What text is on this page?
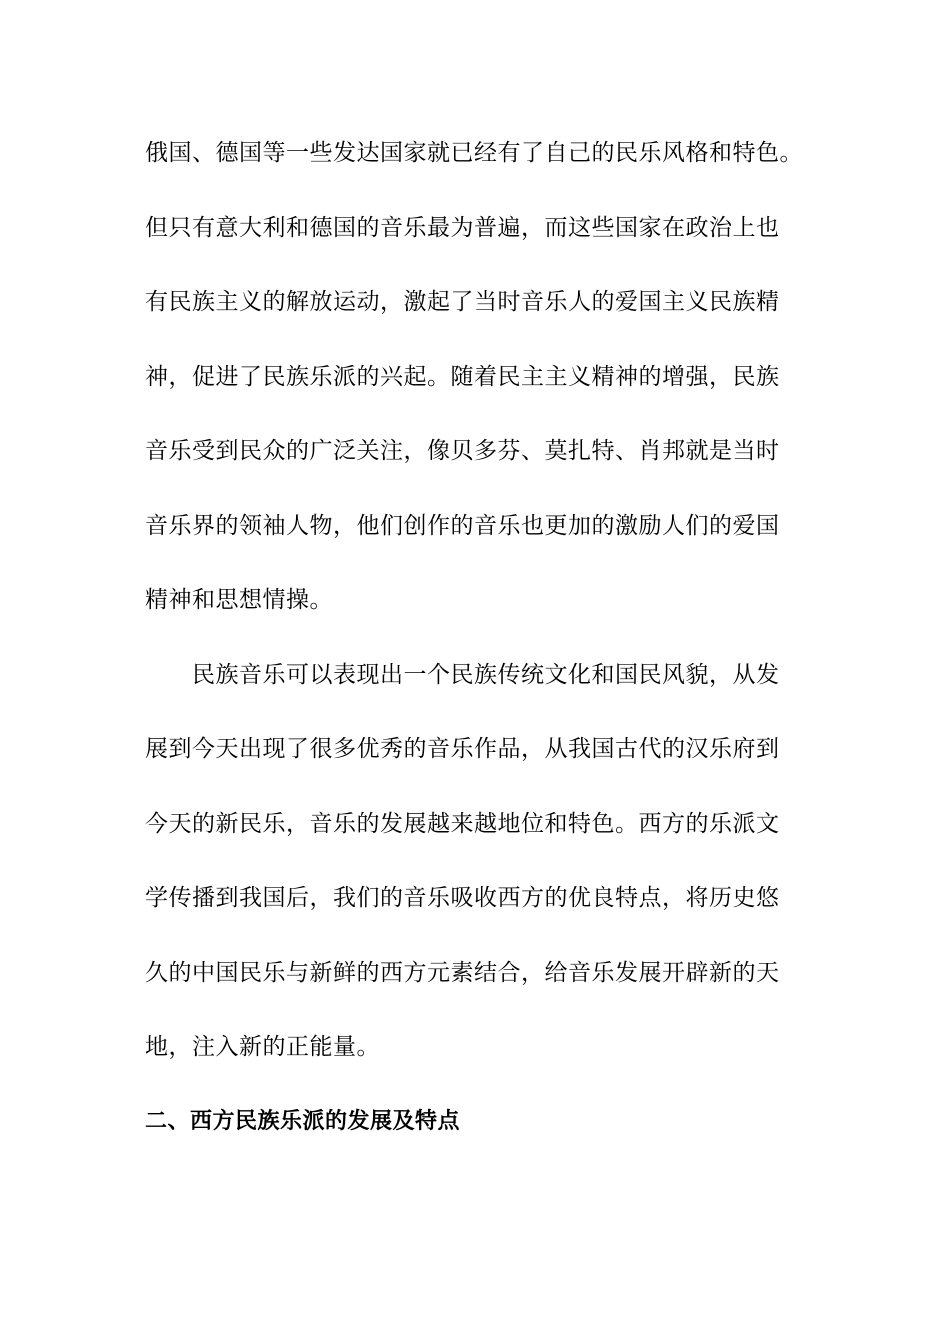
俄国、德国等一些发达国家就已经有了自己的民乐风格和特色。
但只有意大利和德国的音乐最为普遍，而这些国家在政治上也
有民族主义的解放运动，激起了当时音乐人的爱国主义民族精
神，促进了民族乐派的兴起。随着民主主义精神的增强，民族
音乐受到民众的广泛关注，像贝多芬、莫扎特、肖邦就是当时
音乐界的领袖人物，他们创作的音乐也更加的激励人们的爱国
精神和思想情操。
民族音乐可以表现出一个民族传统文化和国民风貌，从发
展到今天出现了很多优秀的音乐作品，从我国古代的汉乐府到
今天的新民乐，音乐的发展越来越地位和特色。西方的乐派文
学传播到我国后，我们的音乐吸收西方的优良特点，将历史悠
久的中国民乐与新鲜的西方元素结合，给音乐发展开辟新的天
地，注入新的正能量。
二、西方民族乐派的发展及特点
